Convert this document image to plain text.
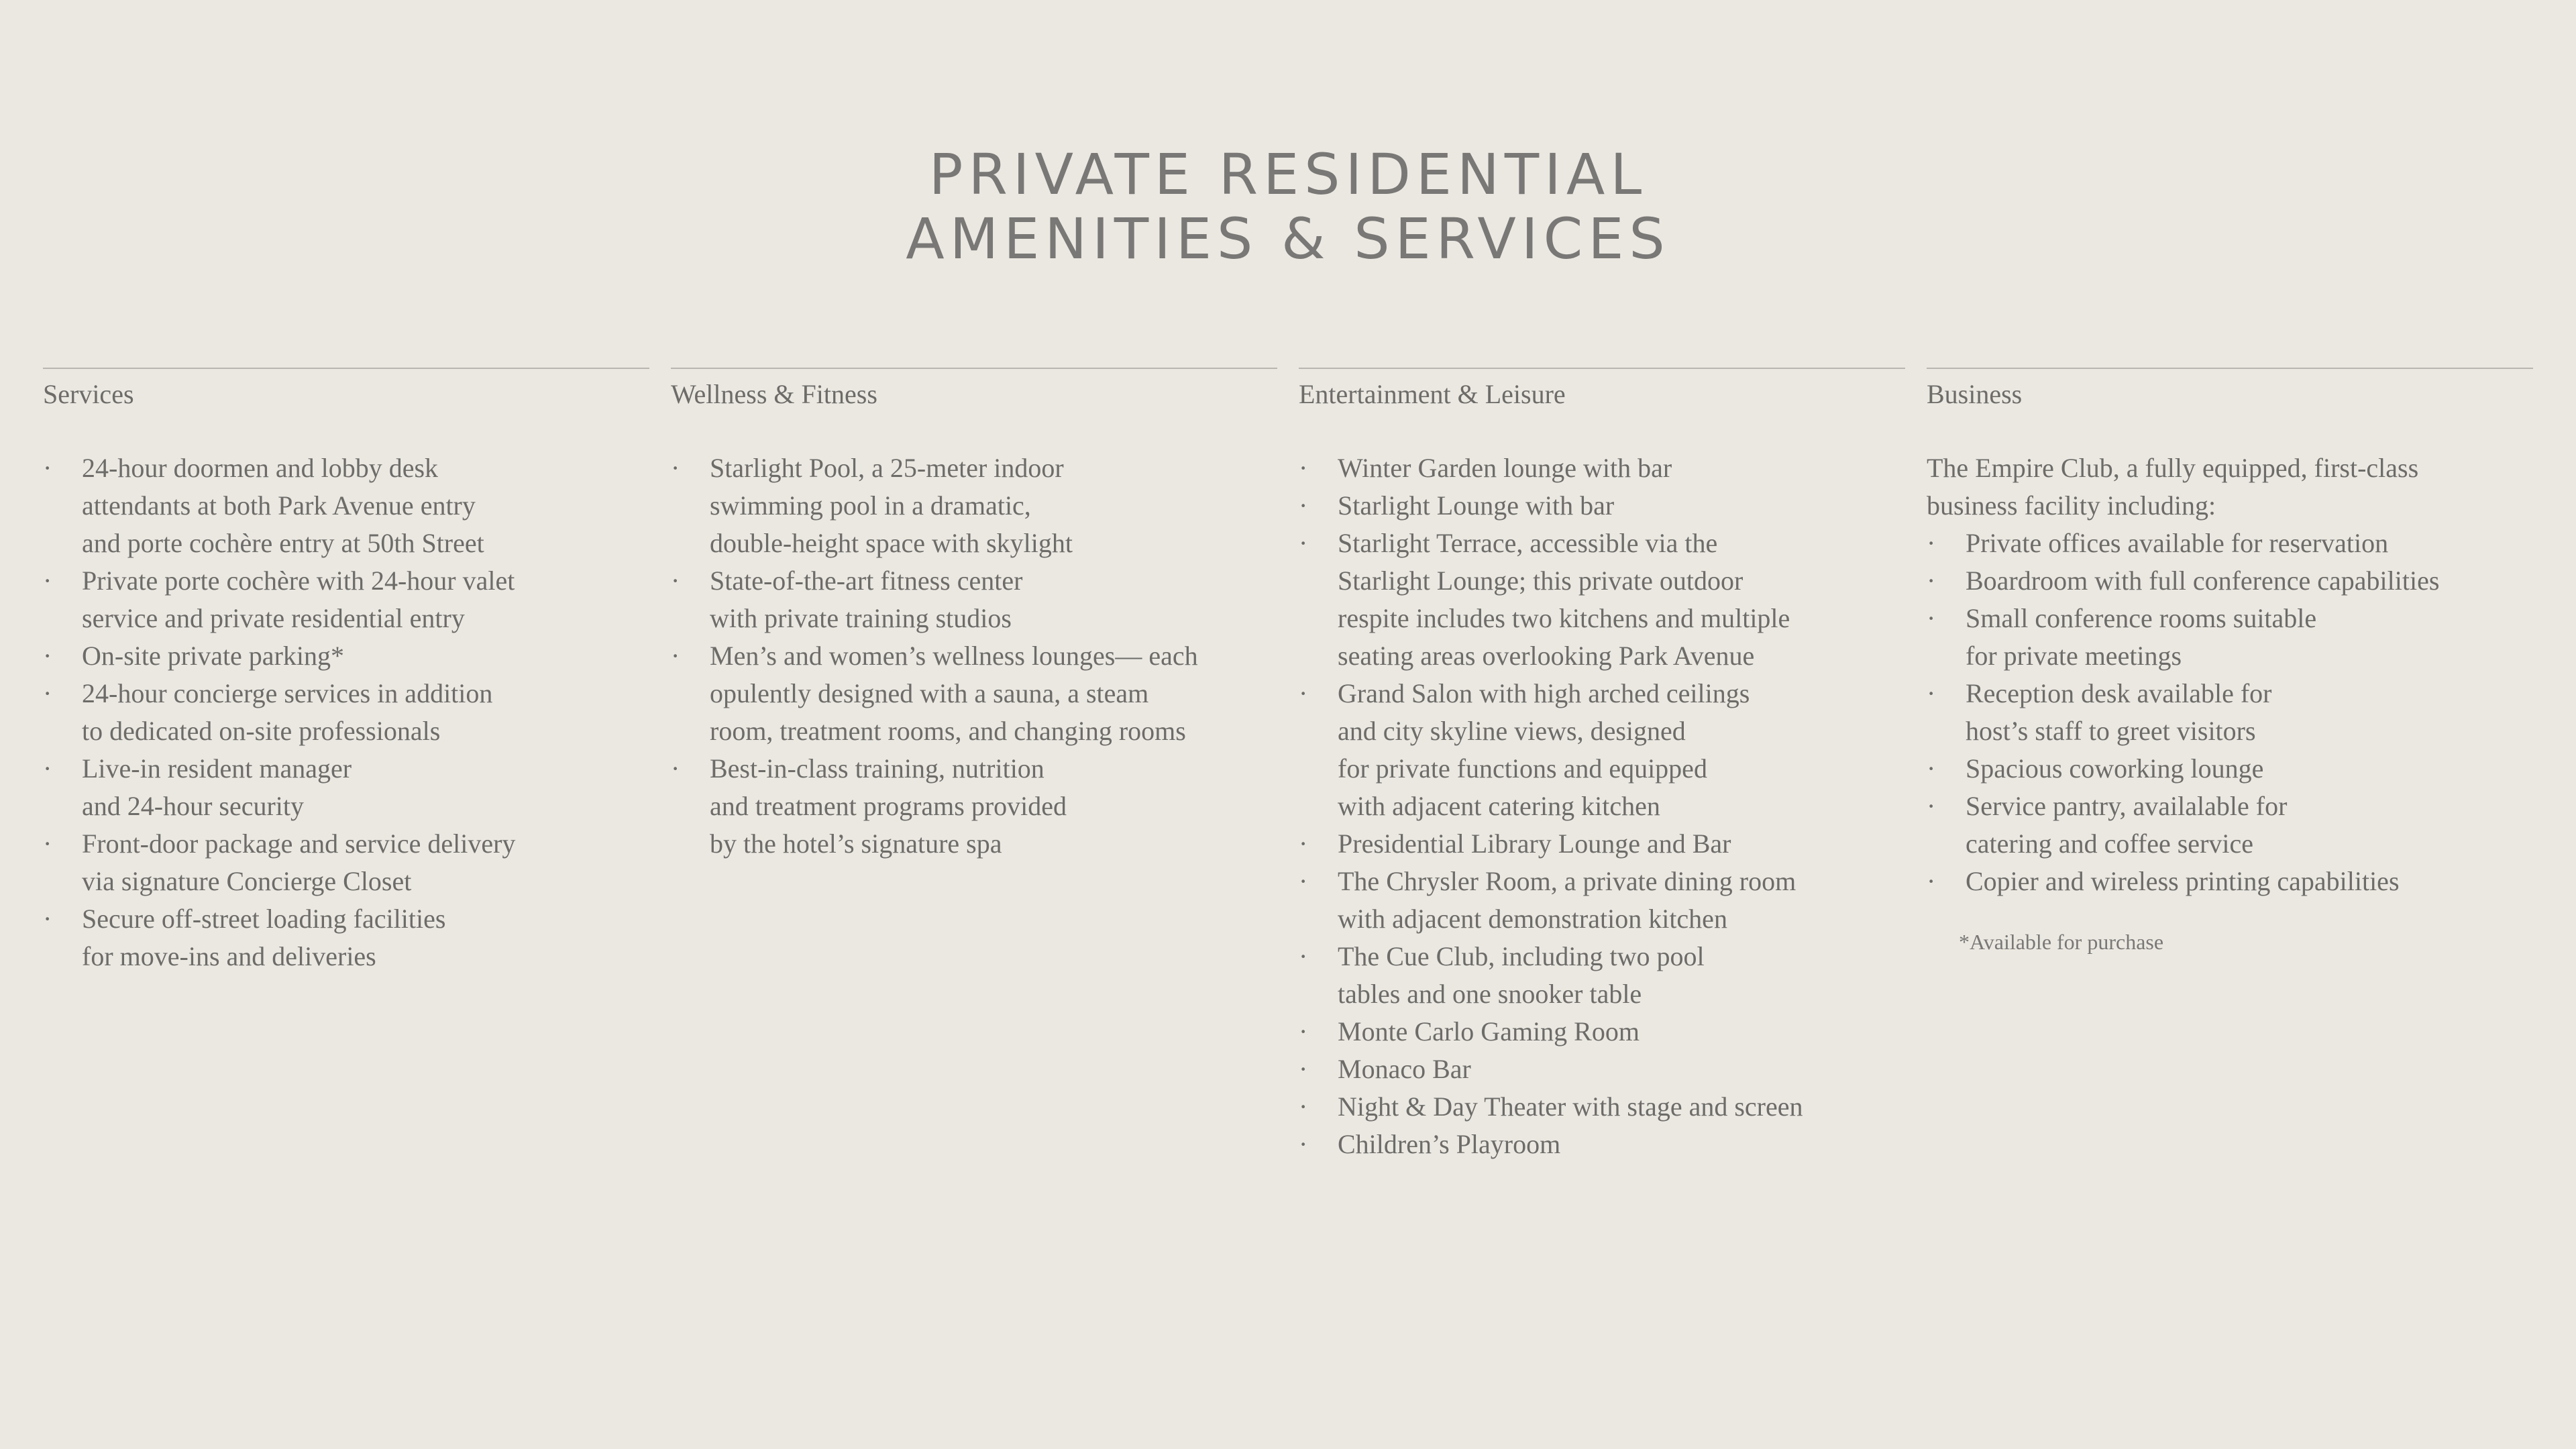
PRIVATE RESIDENTIAL
AMENITIES & SERVICES
Services
· 24-hour doormen and lobby desk
attendants at both Park Avenue entry
and porte cochère entry at 50th Street
· Private porte cochère with 24-hour valet
service and private residential entry
· On-site private parking*
· 24-hour concierge services in addition
to dedicated on-site professionals
· Live-in resident manager
and 24-hour security
· Front-door package and service delivery
via signature Concierge Closet
· Secure off-street loading facilities
for move-ins and deliveries
Wellness & Fitness
· Starlight Pool, a 25-meter indoor
swimming pool in a dramatic,
double-height space with skylight
· State-of-the-art fitness center
with private training studios
· Men’s and women’s wellness lounges— each
opulently designed with a sauna, a steam
room, treatment rooms, and changing rooms
· Best-in-class training, nutrition
and treatment programs provided
by the hotel’s signature spa
Entertainment & Leisure
· Winter Garden lounge with bar
· Starlight Lounge with bar
· Starlight Terrace, accessible via the
Starlight Lounge; this private outdoor
respite includes two kitchens and multiple
seating areas overlooking Park Avenue
· Grand Salon with high arched ceilings
and city skyline views, designed
for private functions and equipped
with adjacent catering kitchen
· Presidential Library Lounge and Bar
· The Chrysler Room, a private dining room
with adjacent demonstration kitchen
· The Cue Club, including two pool
tables and one snooker table
· Monte Carlo Gaming Room
· Monaco Bar
· Night & Day Theater with stage and screen
· Children’s Playroom
Business

The Empire Club, a fully equipped, first-class
business facility including:

· Private offices available for reservation
· Boardroom with full conference capabilities
· Small conference rooms suitable
for private meetings
· Reception desk available for
host’s staff to greet visitors
· Spacious coworking lounge
· Service pantry, availalable for
catering and coffee service
· Copier and wireless printing capabilities

*Available for purchase
